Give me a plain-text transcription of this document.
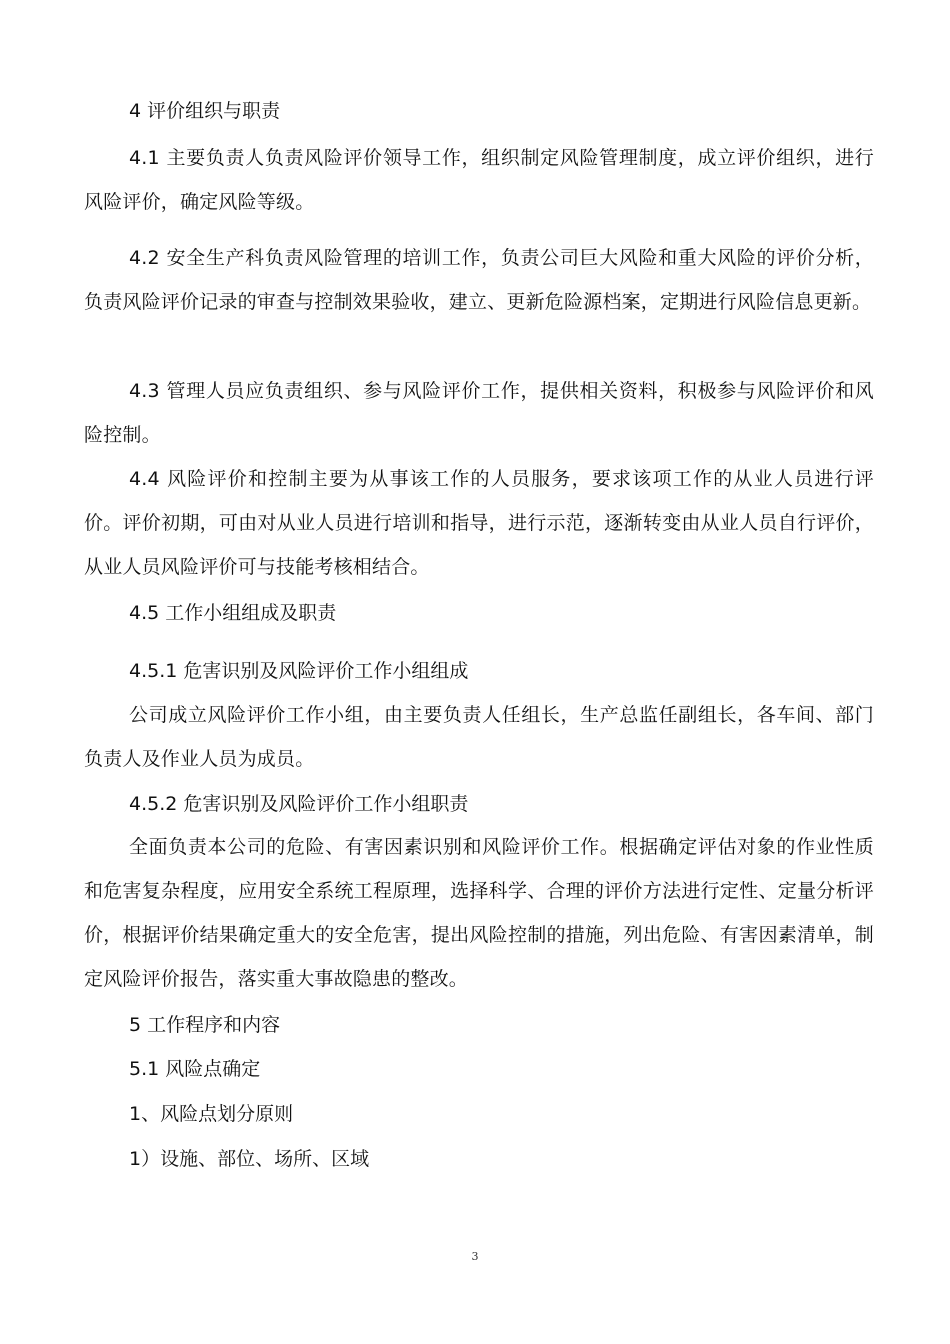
4 评价组织与职责

4.1 主要负责人负责风险评价领导工作，组织制定风险管理制度，成立评价组织，进行风险评价，确定风险等级。

4.2 安全生产科负责风险管理的培训工作，负责公司巨大风险和重大风险的评价分析，负责风险评价记录的审查与控制效果验收，建立、更新危险源档案，定期进行风险信息更新。

4.3 管理人员应负责组织、参与风险评价工作，提供相关资料，积极参与风险评价和风险控制。

4.4 风险评价和控制主要为从事该工作的人员服务，要求该项工作的从业人员进行评价。评价初期，可由对从业人员进行培训和指导，进行示范，逐渐转变由从业人员自行评价，从业人员风险评价可与技能考核相结合。

4.5 工作小组组成及职责

4.5.1 危害识别及风险评价工作小组组成

公司成立风险评价工作小组，由主要负责人任组长，生产总监任副组长，各车间、部门负责人及作业人员为成员。

4.5.2 危害识别及风险评价工作小组职责

全面负责本公司的危险、有害因素识别和风险评价工作。根据确定评估对象的作业性质和危害复杂程度，应用安全系统工程原理，选择科学、合理的评价方法进行定性、定量分析评价，根据评价结果确定重大的安全危害，提出风险控制的措施，列出危险、有害因素清单，制定风险评价报告，落实重大事故隐患的整改。

5 工作程序和内容

5.1 风险点确定

1、风险点划分原则

1）设施、部位、场所、区域

3
